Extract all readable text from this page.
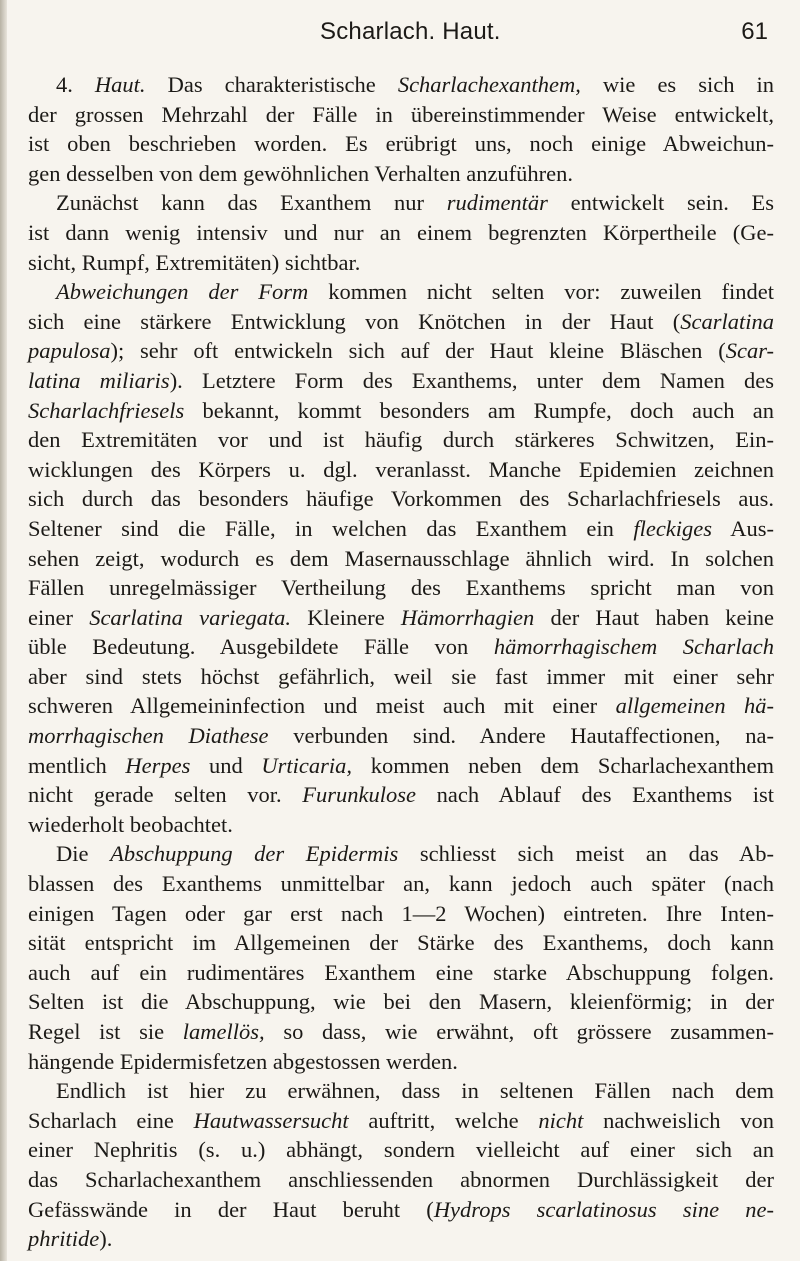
Scharlach. Haut.	61
4. Haut. Das charakteristische Scharlachexanthem, wie es sich in
der grossen Mehrzahl der Fälle in übereinstimmender Weise entwickelt,
ist oben beschrieben worden. Es erübrigt uns, noch einige Abweichun-
gen desselben von dem gewöhnlichen Verhalten anzuführen.
Zunächst kann das Exanthem nur rudimentär entwickelt sein. Es
ist dann wenig intensiv und nur an einem begrenzten Körpertheile (Ge-
sicht, Rumpf, Extremitäten) sichtbar.
Abweichungen der Form kommen nicht selten vor: zuweilen findet
sich eine stärkere Entwicklung von Knötchen in der Haut (Scarlatina
papulosa); sehr oft entwickeln sich auf der Haut kleine Bläschen (Scar-
latina miliaris). Letztere Form des Exanthems, unter dem Namen des
Scharlachfriesels bekannt, kommt besonders am Rumpfe, doch auch an
den Extremitäten vor und ist häufig durch stärkeres Schwitzen, Ein-
wicklungen des Körpers u. dgl. veranlasst. Manche Epidemien zeichnen
sich durch das besonders häufige Vorkommen des Scharlachfriesels aus.
Seltener sind die Fälle, in welchen das Exanthem ein fleckiges Aus-
sehen zeigt, wodurch es dem Masernausschlage ähnlich wird. In solchen
Fällen unregelmässiger Vertheilung des Exanthems spricht man von
einer Scarlatina variegata. Kleinere Hämorrhagien der Haut haben keine
üble Bedeutung. Ausgebildete Fälle von hämorrhagischem Scharlach
aber sind stets höchst gefährlich, weil sie fast immer mit einer sehr
schweren Allgemeininfection und meist auch mit einer allgemeinen hä-
morrhagischen Diathese verbunden sind. Andere Hautaffectionen, na-
mentlich Herpes und Urticaria, kommen neben dem Scharlachexanthem
nicht gerade selten vor. Furunkulose nach Ablauf des Exanthems ist
wiederholt beobachtet.
Die Abschuppung der Epidermis schliesst sich meist an das Ab-
blassen des Exanthems unmittelbar an, kann jedoch auch später (nach
einigen Tagen oder gar erst nach 1—2 Wochen) eintreten. Ihre Inten-
sität entspricht im Allgemeinen der Stärke des Exanthems, doch kann
auch auf ein rudimentäres Exanthem eine starke Abschuppung folgen.
Selten ist die Abschuppung, wie bei den Masern, kleienförmig; in der
Regel ist sie lamellös, so dass, wie erwähnt, oft grössere zusammen-
hängende Epidermisfetzen abgestossen werden.
Endlich ist hier zu erwähnen, dass in seltenen Fällen nach dem
Scharlach eine Hautwassersucht auftritt, welche nicht nachweislich von
einer Nephritis (s. u.) abhängt, sondern vielleicht auf einer sich an
das Scharlachexanthem anschliessenden abnormen Durchlässigkeit der
Gefässwände in der Haut beruht (Hydrops scarlatinosus sine ne-
phritide).
